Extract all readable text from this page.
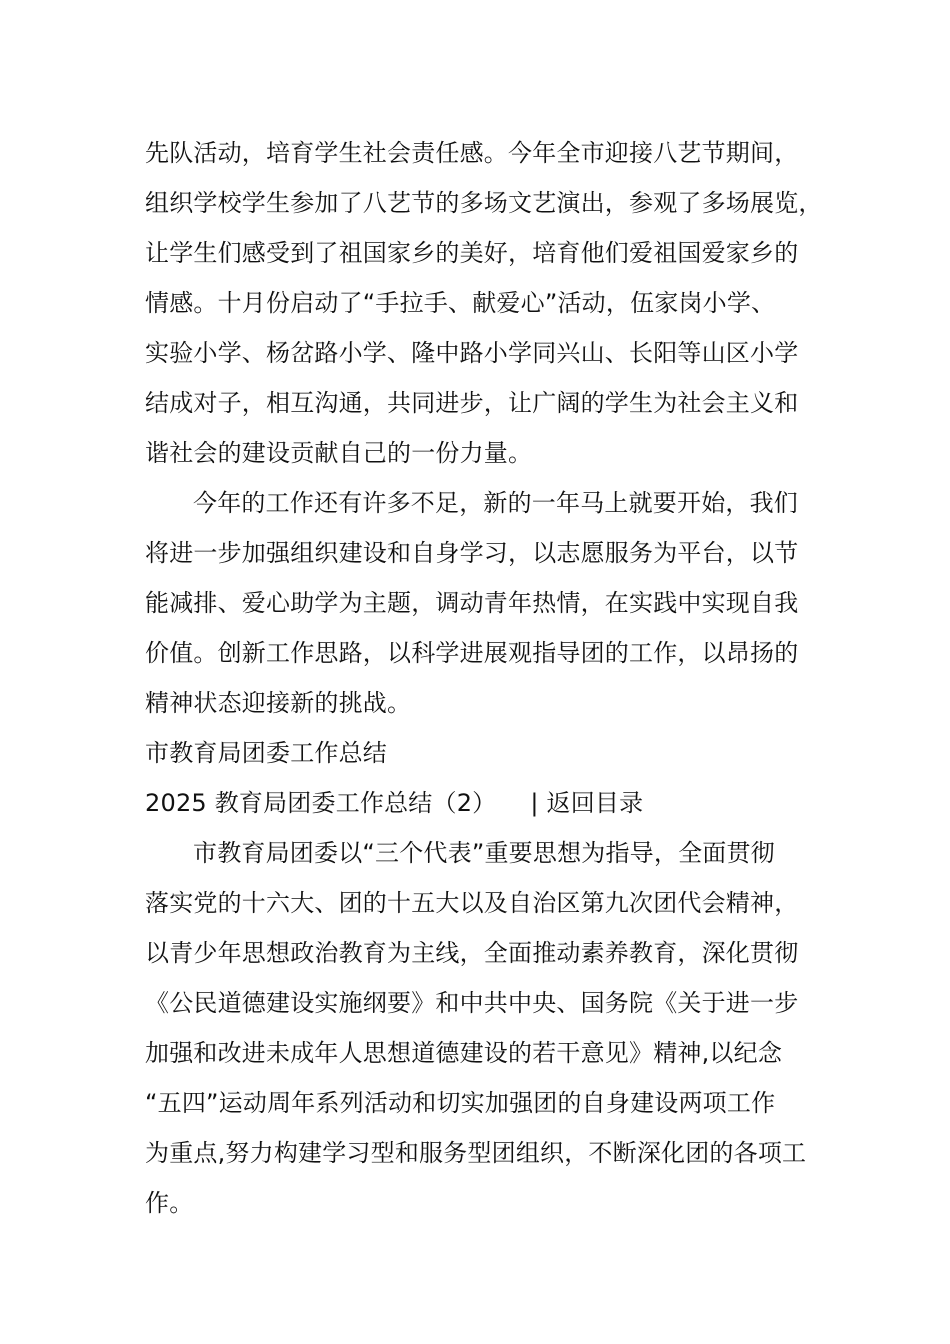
先队活动，培育学生社会责任感。今年全市迎接八艺节期间，
组织学校学生参加了八艺节的多场文艺演出，参观了多场展览，
让学生们感受到了祖国家乡的美好，培育他们爱祖国爱家乡的
情感。十月份启动了“手拉手、献爱心”活动，伍家岗小学、
实验小学、杨岔路小学、隆中路小学同兴山、长阳等山区小学
结成对子，相互沟通，共同进步，让广阔的学生为社会主义和
谐社会的建设贡献自己的一份力量。
今年的工作还有许多不足，新的一年马上就要开始，我们
将进一步加强组织建设和自身学习，以志愿服务为平台，以节
能减排、爱心助学为主题，调动青年热情，在实践中实现自我
价值。创新工作思路，以科学进展观指导团的工作，以昂扬的
精神状态迎接新的挑战。
市教育局团委工作总结
2025 教育局团委工作总结（2） | 返回目录
市教育局团委以“三个代表”重要思想为指导，全面贯彻
落实党的十六大、团的十五大以及自治区第九次团代会精神，
以青少年思想政治教育为主线，全面推动素养教育，深化贯彻
《公民道德建设实施纲要》和中共中央、国务院《关于进一步
加强和改进未成年人思想道德建设的若干意见》精神,以纪念
“五四”运动周年系列活动和切实加强团的自身建设两项工作
为重点,努力构建学习型和服务型团组织，不断深化团的各项工
作。
